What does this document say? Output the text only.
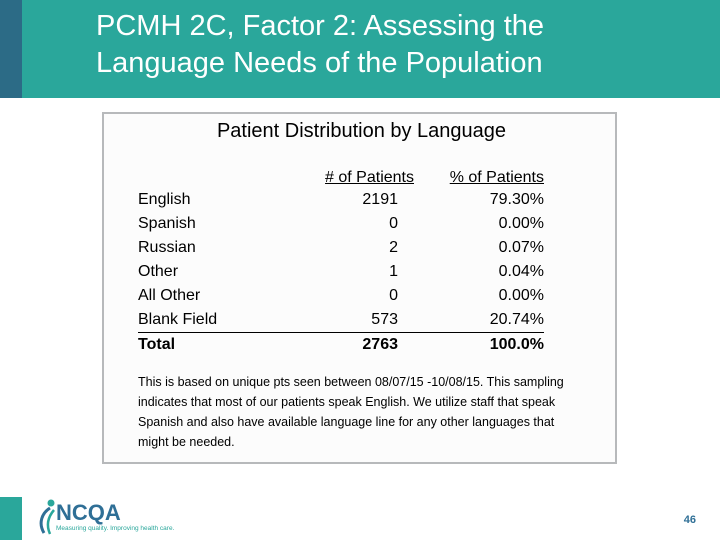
PCMH 2C, Factor 2: Assessing the
Language Needs of the Population
Patient Distribution by Language
	# of Patients	% of Patients
English	2191	79.30%
Spanish	0	0.00%
Russian	2	0.07%
Other	1	0.04%
All Other	0	0.00%
Blank Field	573	20.74%
Total	2763	100.0%
This is based on unique pts seen between 08/07/15 -10/08/15. This sampling indicates that most of our patients speak English. We utilize staff that speak Spanish and also have available language line for any other languages that might be needed.
NCQA
Measuring quality. Improving health care.
46
